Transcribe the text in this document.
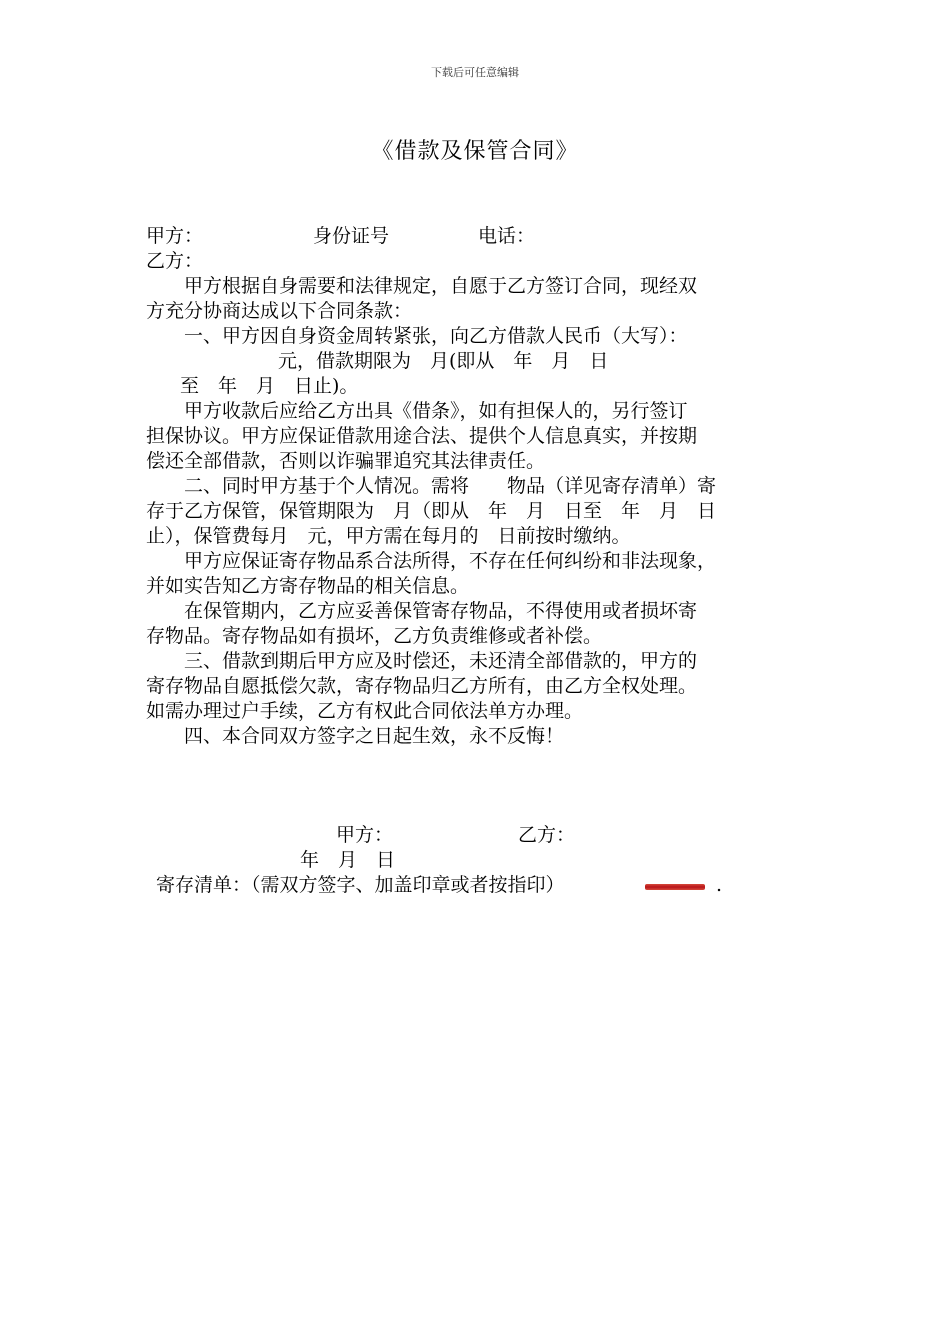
下载后可任意编辑
《借款及保管合同》
甲方：	身份证号	电话：
乙方：
甲方根据自身需要和法律规定，自愿于乙方签订合同，现经双
方充分协商达成以下合同条款：
一、甲方因自身资金周转紧张，向乙方借款人民币（大写）：
元，借款期限为　月(即从　年　月　日
至　年　月　日止)。
甲方收款后应给乙方出具《借条》，如有担保人的，另行签订
担保协议。甲方应保证借款用途合法、提供个人信息真实，并按期
偿还全部借款，否则以诈骗罪追究其法律责任。
二、同时甲方基于个人情况。需将　　物品（详见寄存清单）寄
存于乙方保管，保管期限为　月（即从　年　月　日至　年　月　日
止），保管费每月　元，甲方需在每月的　日前按时缴纳。
甲方应保证寄存物品系合法所得，不存在任何纠纷和非法现象，
并如实告知乙方寄存物品的相关信息。
在保管期内，乙方应妥善保管寄存物品，不得使用或者损坏寄
存物品。寄存物品如有损坏，乙方负责维修或者补偿。
三、借款到期后甲方应及时偿还，未还清全部借款的，甲方的
寄存物品自愿抵偿欠款，寄存物品归乙方所有，由乙方全权处理。
如需办理过户手续，乙方有权此合同依法单方办理。
四、本合同双方签字之日起生效，永不反悔！
甲方：	乙方：
年　月　日
寄存清单：（需双方签字、加盖印章或者按指印）	.
